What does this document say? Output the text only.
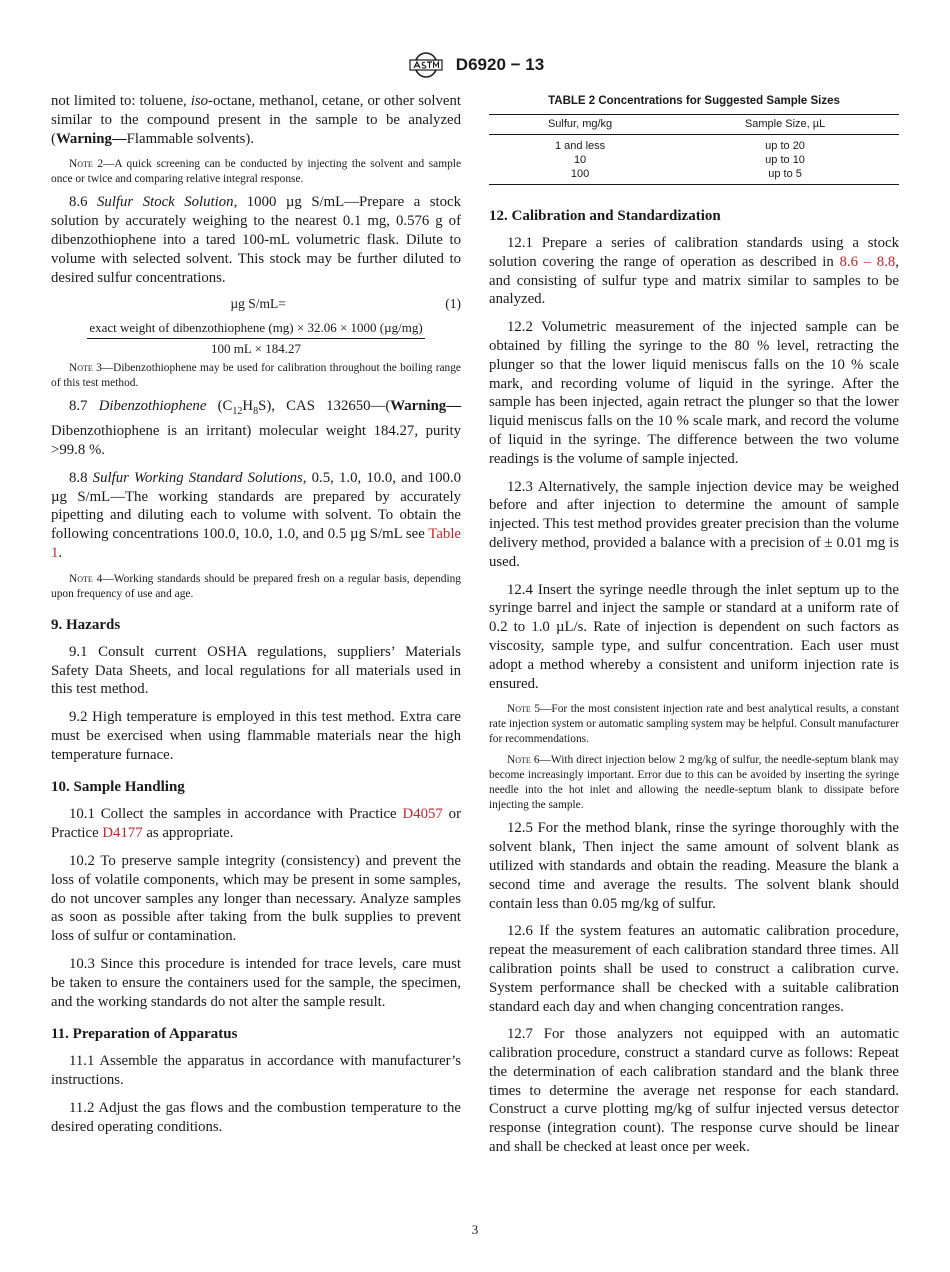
D6920 − 13

not limited to: toluene, iso-octane, methanol, cetane, or other solvent similar to the compound present in the sample to be analyzed (Warning—Flammable solvents).

Note 2—A quick screening can be conducted by injecting the solvent and sample once or twice and comparing relative integral response.

8.6 Sulfur Stock Solution, 1000 µg S/mL—Prepare a stock solution by accurately weighing to the nearest 0.1 mg, 0.576 g of dibenzothiophene into a tared 100-mL volumetric flask. Dilute to volume with selected solvent. This stock may be further diluted to desired sulfur concentrations.

µg S/mL=	(1)
exact weight of dibenzothiophene (mg) × 32.06 × 1000 (µg/mg)
100 mL × 184.27
Note 3—Dibenzothiophene may be used for calibration throughout the boiling range of this test method.

8.7 Dibenzothiophene $(C_{12}H_8S)$, CAS 132650—(Warning—Dibenzothiophene is an irritant) molecular weight 184.27, purity >99.8 %.

8.8 Sulfur Working Standard Solutions, 0.5, 1.0, 10.0, and 100.0 µg S/mL—The working standards are prepared by accurately pipetting and diluting each to volume with solvent. To obtain the following concentrations 100.0, 10.0, 1.0, and 0.5 µg S/mL see Table 1.

Note 4—Working standards should be prepared fresh on a regular basis, depending upon frequency of use and age.
9. Hazards

9.1 Consult current OSHA regulations, suppliers’ Materials Safety Data Sheets, and local regulations for all materials used in this test method.

9.2 High temperature is employed in this test method. Extra care must be exercised when using flammable materials near the high temperature furnace.

10. Sample Handling

10.1 Collect the samples in accordance with Practice D4057 or Practice D4177 as appropriate.

10.2 To preserve sample integrity (consistency) and prevent the loss of volatile components, which may be present in some samples, do not uncover samples any longer than necessary. Analyze samples as soon as possible after taking from the bulk supplies to prevent loss of sulfur or contamination.

10.3 Since this procedure is intended for trace levels, care must be taken to ensure the containers used for the sample, the specimen, and the working standards do not alter the sample result.

11. Preparation of Apparatus

11.1 Assemble the apparatus in accordance with manufacturer’s instructions.

11.2 Adjust the gas flows and the combustion temperature to the desired operating conditions.

TABLE 2 Concentrations for Suggested Sample Sizes
Sulfur, mg/kg	Sample Size, µL
1 and less	up to 20
10	up to 10
100	up to 5
12. Calibration and Standardization

12.1 Prepare a series of calibration standards using a stock solution covering the range of operation as described in 8.6 – 8.8, and consisting of sulfur type and matrix similar to samples to be analyzed.

12.2 Volumetric measurement of the injected sample can be obtained by filling the syringe to the 80 % level, retracting the plunger so that the lower liquid meniscus falls on the 10 % scale mark, and recording volume of liquid in the syringe. After the sample has been injected, again retract the plunger so that the lower liquid meniscus falls on the 10 % scale mark, and record the volume of liquid in the syringe. The difference between the two volume readings is the volume of sample injected.

12.3 Alternatively, the sample injection device may be weighed before and after injection to determine the amount of sample injected. This test method provides greater precision than the volume delivery method, provided a balance with a precision of ± 0.01 mg is used.

12.4 Insert the syringe needle through the inlet septum up to the syringe barrel and inject the sample or standard at a uniform rate of 0.2 to 1.0 µL/s. Rate of injection is dependent on such factors as viscosity, sample type, and sulfur concentration. Each user must adopt a method whereby a consistent and uniform injection rate is ensured.

Note 5—For the most consistent injection rate and best analytical results, a constant rate injection system or automatic sampling system may be helpful. Consult manufacturer for recommendations.
Note 6—With direct injection below 2 mg/kg of sulfur, the needle-septum blank may become increasingly important. Error due to this can be avoided by inserting the syringe needle into the hot inlet and allowing the needle-septum blank to dissipate before injecting the sample.

12.5 For the method blank, rinse the syringe thoroughly with the solvent blank, Then inject the same amount of solvent blank as utilized with standards and obtain the reading. Measure the blank a second time and average the results. The solvent blank should contain less than 0.05 mg/kg of sulfur.

12.6 If the system features an automatic calibration procedure, repeat the measurement of each calibration standard three times. All calibration points shall be used to construct a calibration curve. System performance shall be checked with a suitable calibration standard each day and when changing concentration ranges.

12.7 For those analyzers not equipped with an automatic calibration procedure, construct a standard curve as follows: Repeat the determination of each calibration standard and the blank three times to determine the average net response for each standard. Construct a curve plotting mg/kg of sulfur injected versus detector response (integration count). The response curve should be linear and shall be checked at least once per week.

3
